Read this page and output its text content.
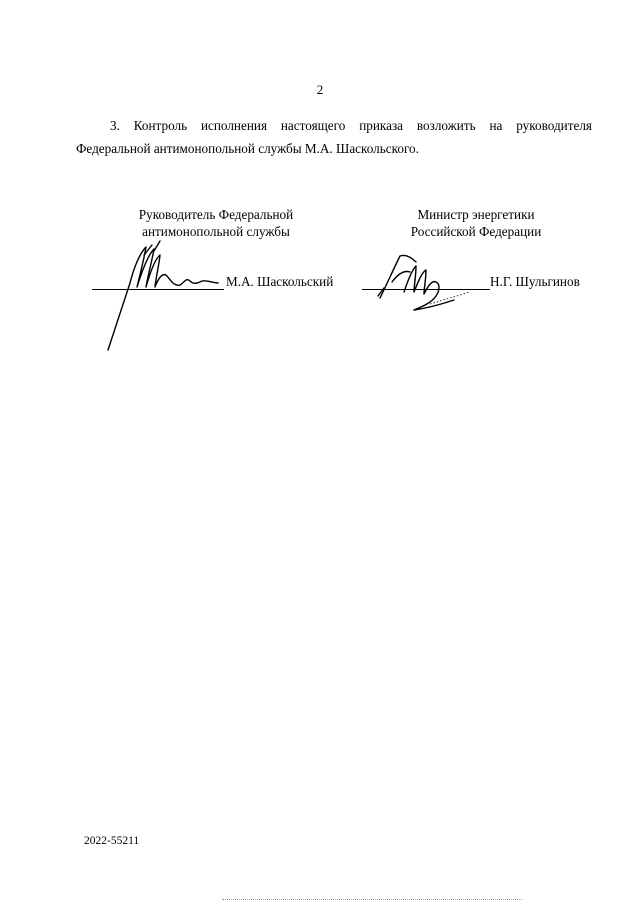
2
3. Контроль исполнения настоящего приказа возложить на руководителя
Федеральной антимонопольной службы М.А. Шаскольского.
Руководитель Федеральной
антимонопольной службы
М.А. Шаскольский
Министр энергетики
Российской Федерации
Н.Г. Шульгинов
2022-55211
